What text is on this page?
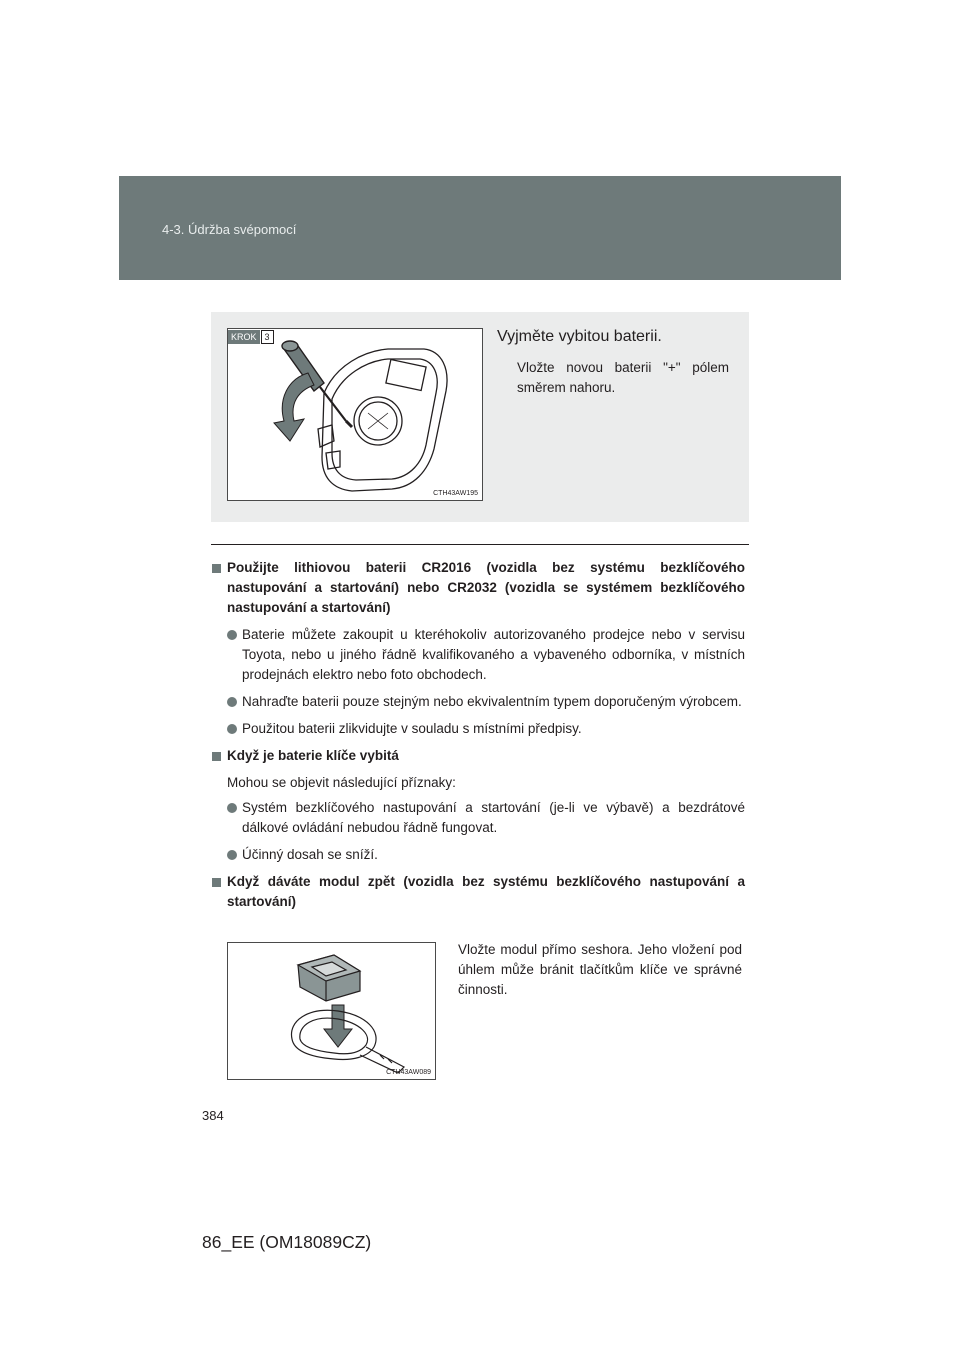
4-3. Údržba svépomocí
KROK 3
CTH43AW195
Vyjměte vybitou baterii.
Vložte novou baterii "+" pólem směrem nahoru.
Použijte lithiovou baterii CR2016 (vozidla bez systému bezklíčového nastupování a startování) nebo CR2032 (vozidla se systémem bezklíčového nastupování a startování)
Baterie můžete zakoupit u kteréhokoliv autorizovaného prodejce nebo v servisu Toyota, nebo u jiného řádně kvalifikovaného a vybaveného odborníka, v místních prodejnách elektro nebo foto obchodech.
Nahraďte baterii pouze stejným nebo ekvivalentním typem doporučeným výrobcem.
Použitou baterii zlikvidujte v souladu s místními předpisy.
Když je baterie klíče vybitá
Mohou se objevit následující příznaky:
Systém bezklíčového nastupování a startování (je-li ve výbavě) a bezdrátové dálkové ovládání nebudou řádně fungovat.
Účinný dosah se sníží.
Když dáváte modul zpět (vozidla bez systému bezklíčového nastupování a startování)
CTH43AW089
Vložte modul přímo seshora. Jeho vložení pod úhlem může bránit tlačítkům klíče ve správné činnosti.
384
86_EE (OM18089CZ)
